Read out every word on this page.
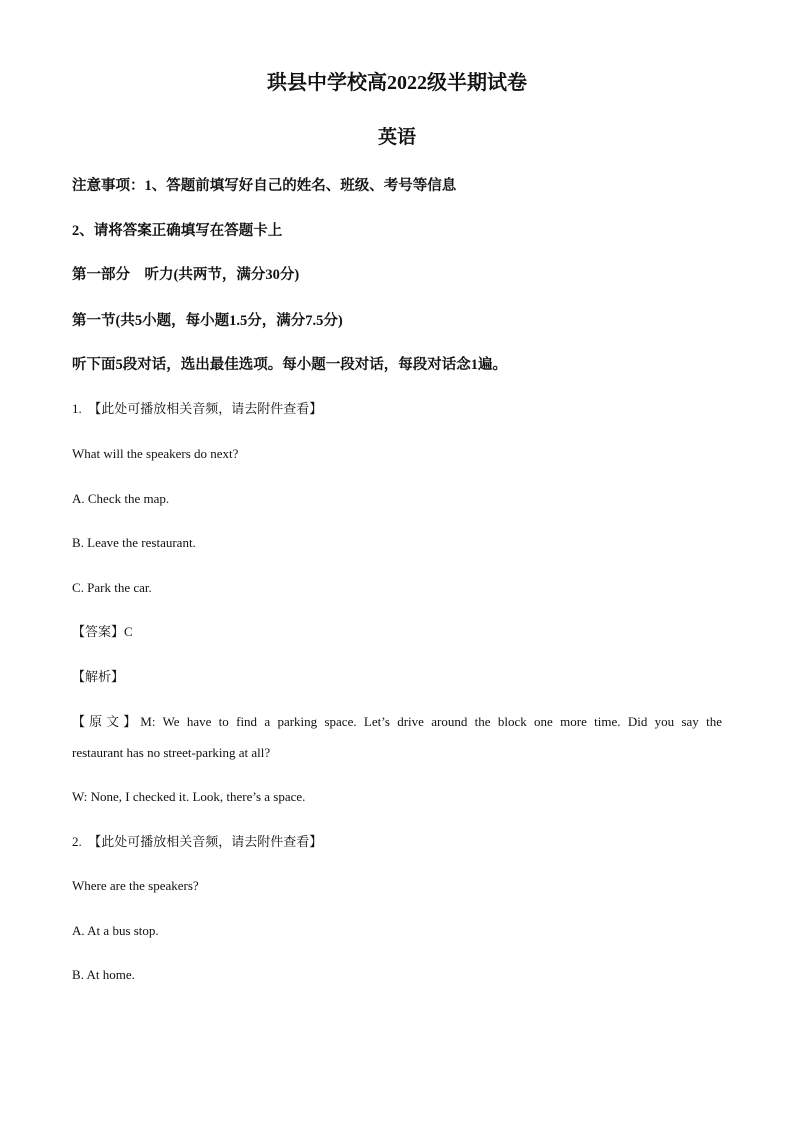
珙县中学校高2022级半期试卷
英语
注意事项：1、答题前填写好自己的姓名、班级、考号等信息
2、请将答案正确填写在答题卡上
第一部分　听力(共两节，满分30分)
第一节(共5小题，每小题1.5分，满分7.5分)
听下面5段对话，选出最佳选项。每小题一段对话，每段对话念1遍。
1. 【此处可播放相关音频，请去附件查看】
What will the speakers do next?
A. Check the map.
B. Leave the restaurant.
C. Park the car.
【答案】C
【解析】
【原文】M: We have to find a parking space. Let’s drive around the block one more time. Did you say the
restaurant has no street-parking at all?
W: None, I checked it. Look, there’s a space.
2. 【此处可播放相关音频，请去附件查看】
Where are the speakers?
A. At a bus stop.
B. At home.
